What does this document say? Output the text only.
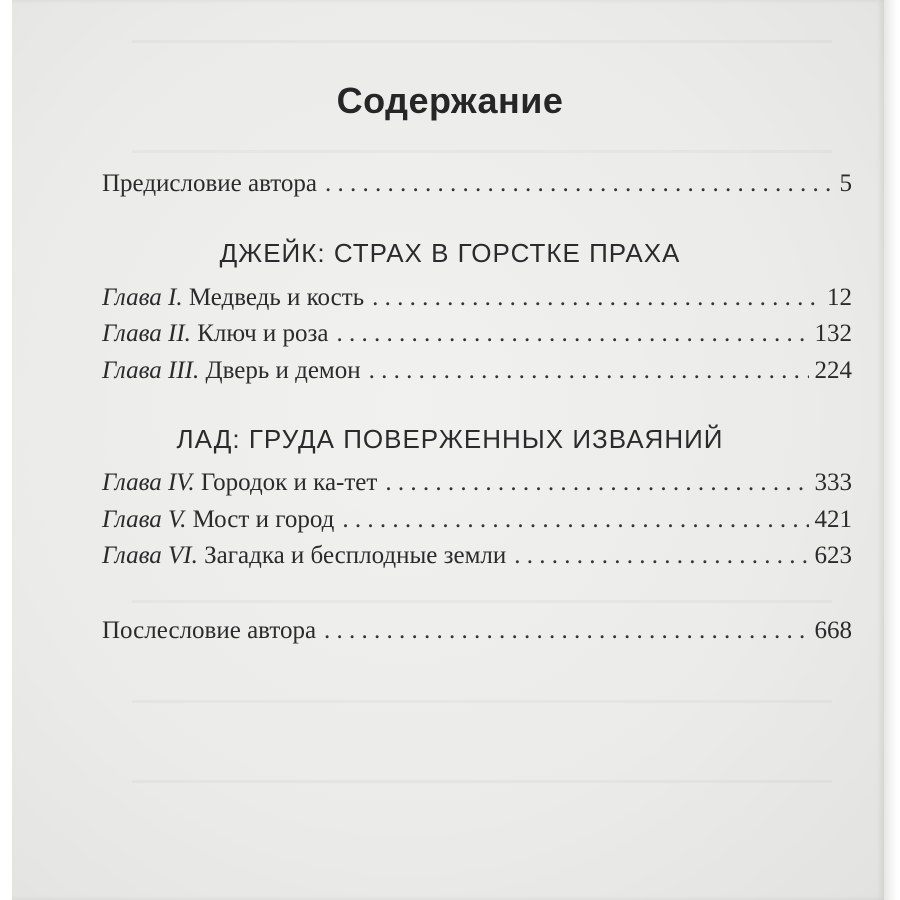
Содержание
Предисловие автора . . .	5
ДЖЕЙК: СТРАХ В ГОРСТКЕ ПРАХА
Глава I. Медведь и кость . . .	12
Глава II. Ключ и роза . . .	132
Глава III. Дверь и демон . . .	224
ЛАД: ГРУДА ПОВЕРЖЕННЫХ ИЗВАЯНИЙ
Глава IV. Городок и ка-тет . . .	333
Глава V. Мост и город . . .	421
Глава VI. Загадка и бесплодные земли . . .	623
Послесловие автора . . .	668
